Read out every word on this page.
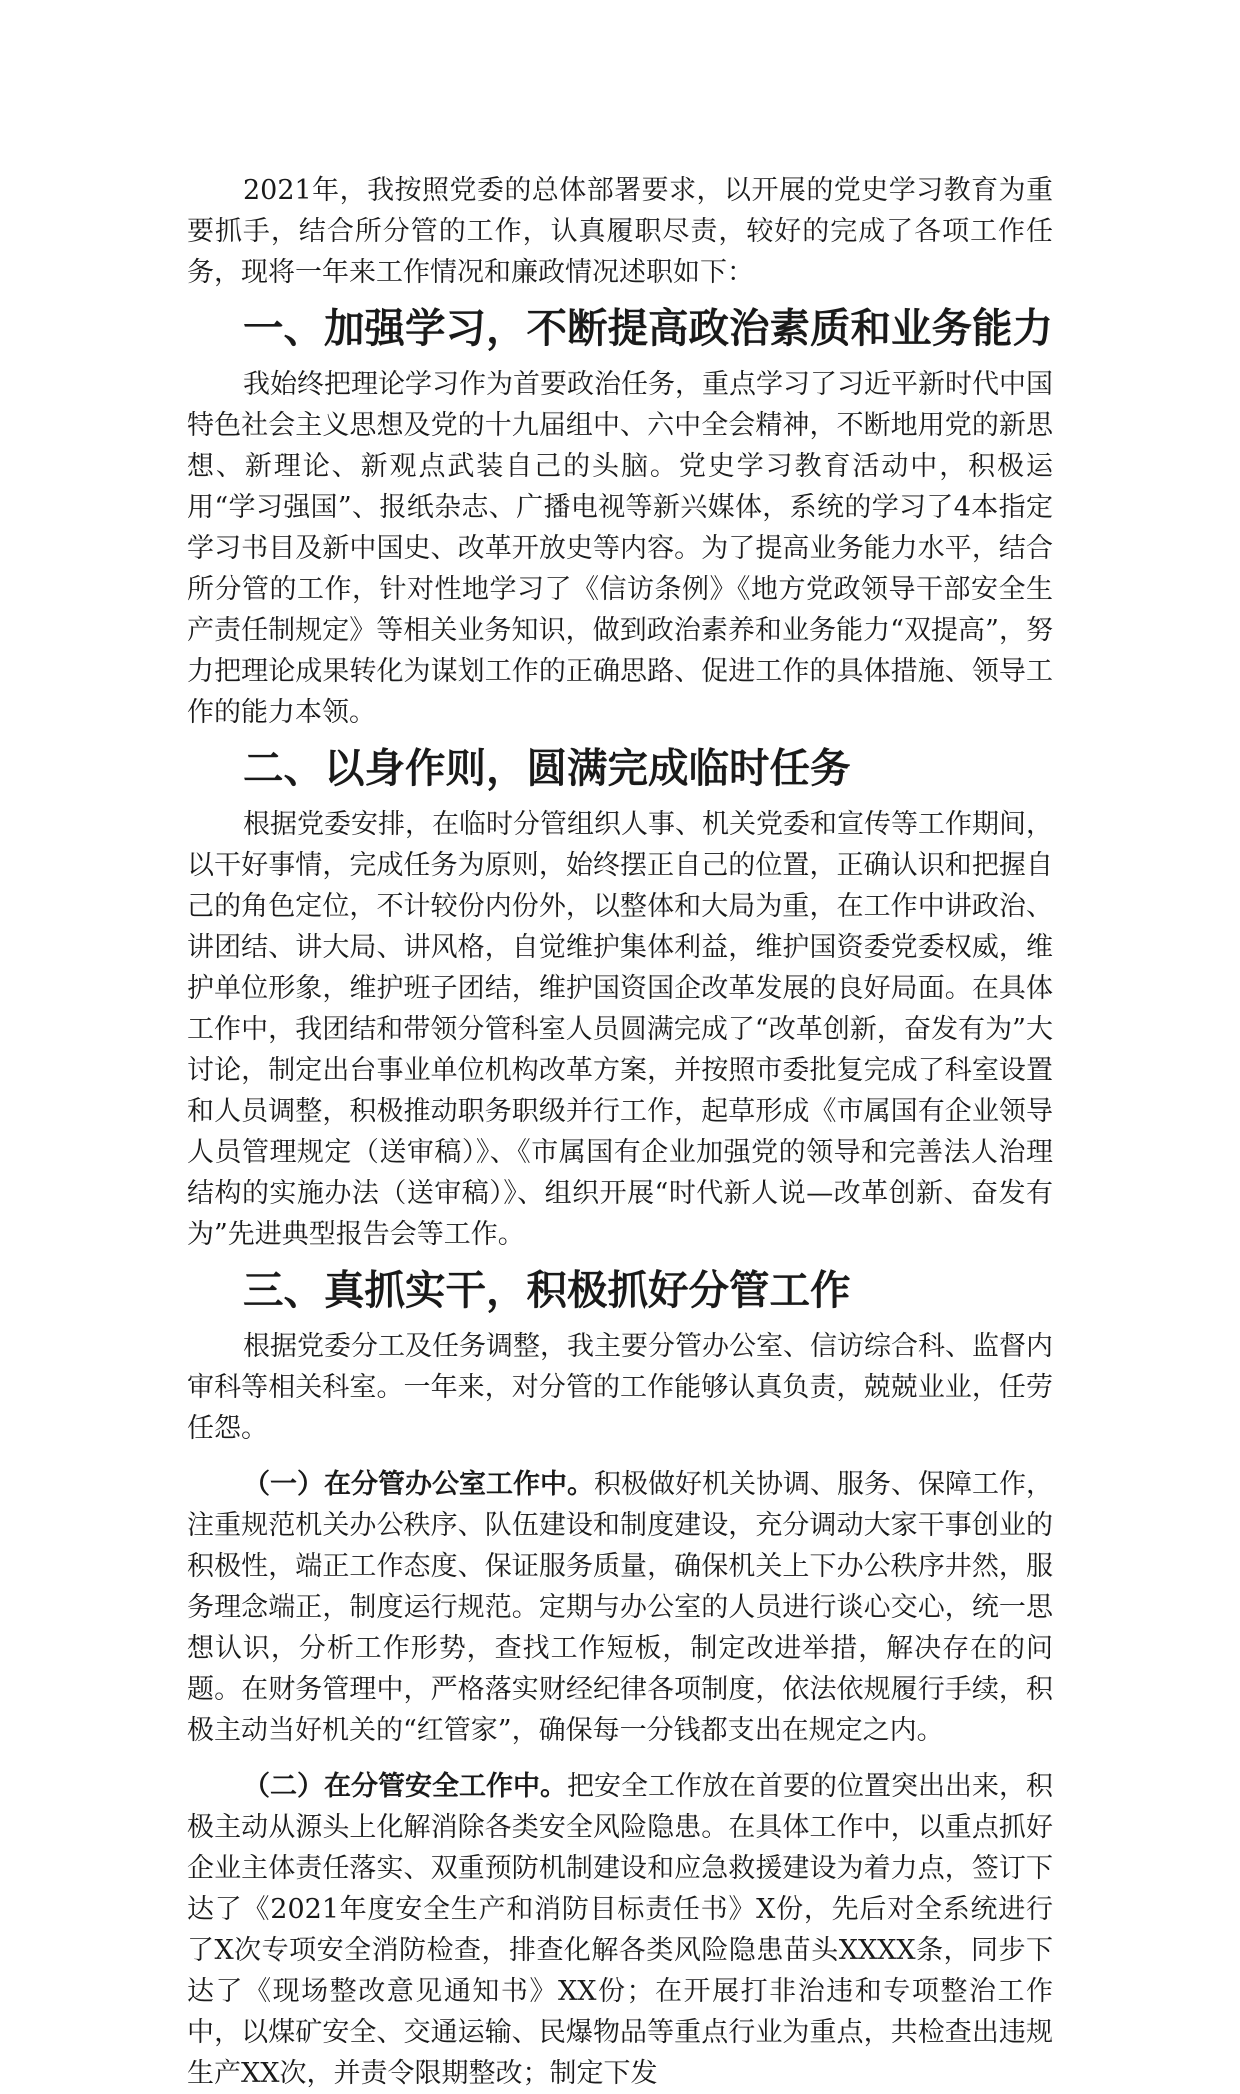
2021年，我按照党委的总体部署要求，以开展的党史学习教育为重要抓手，结合所分管的工作，认真履职尽责，较好的完成了各项工作任务，现将一年来工作情况和廉政情况述职如下：

一、加强学习，不断提高政治素质和业务能力

我始终把理论学习作为首要政治任务，重点学习了习近平新时代中国特色社会主义思想及党的十九届组中、六中全会精神，不断地用党的新思想、新理论、新观点武装自己的头脑。党史学习教育活动中，积极运用“学习强国”、报纸杂志、广播电视等新兴媒体，系统的学习了4本指定学习书目及新中国史、改革开放史等内容。为了提高业务能力水平，结合所分管的工作，针对性地学习了《信访条例》《地方党政领导干部安全生产责任制规定》等相关业务知识，做到政治素养和业务能力“双提高”，努力把理论成果转化为谋划工作的正确思路、促进工作的具体措施、领导工作的能力本领。

二、以身作则，圆满完成临时任务

根据党委安排，在临时分管组织人事、机关党委和宣传等工作期间，以干好事情，完成任务为原则，始终摆正自己的位置，正确认识和把握自己的角色定位，不计较份内份外，以整体和大局为重，在工作中讲政治、讲团结、讲大局、讲风格，自觉维护集体利益，维护国资委党委权威，维护单位形象，维护班子团结，维护国资国企改革发展的良好局面。在具体工作中，我团结和带领分管科室人员圆满完成了“改革创新，奋发有为”大讨论，制定出台事业单位机构改革方案，并按照市委批复完成了科室设置和人员调整，积极推动职务职级并行工作，起草形成《市属国有企业领导人员管理规定（送审稿）》、《市属国有企业加强党的领导和完善法人治理结构的实施办法（送审稿）》、组织开展“时代新人说—改革创新、奋发有为”先进典型报告会等工作。

三、真抓实干，积极抓好分管工作

根据党委分工及任务调整，我主要分管办公室、信访综合科、监督内审科等相关科室。一年来，对分管的工作能够认真负责，兢兢业业，任劳任怨。

（一）在分管办公室工作中。积极做好机关协调、服务、保障工作，注重规范机关办公秩序、队伍建设和制度建设，充分调动大家干事创业的积极性，端正工作态度、保证服务质量，确保机关上下办公秩序井然，服务理念端正，制度运行规范。定期与办公室的人员进行谈心交心，统一思想认识，分析工作形势，查找工作短板，制定改进举措，解决存在的问题。在财务管理中，严格落实财经纪律各项制度，依法依规履行手续，积极主动当好机关的“红管家”，确保每一分钱都支出在规定之内。

（二）在分管安全工作中。把安全工作放在首要的位置突出出来，积极主动从源头上化解消除各类安全风险隐患。在具体工作中，以重点抓好企业主体责任落实、双重预防机制建设和应急救援建设为着力点，签订下达了《2021年度安全生产和消防目标责任书》X份，先后对全系统进行了X次专项安全消防检查，排查化解各类风险隐患苗头XXXX条，同步下达了《现场整改意见通知书》XX份；在开展打非治违和专项整治工作中，以煤矿安全、交通运输、民爆物品等重点行业为重点，共检查出违规生产XX次，并责令限期整改；制定下发
